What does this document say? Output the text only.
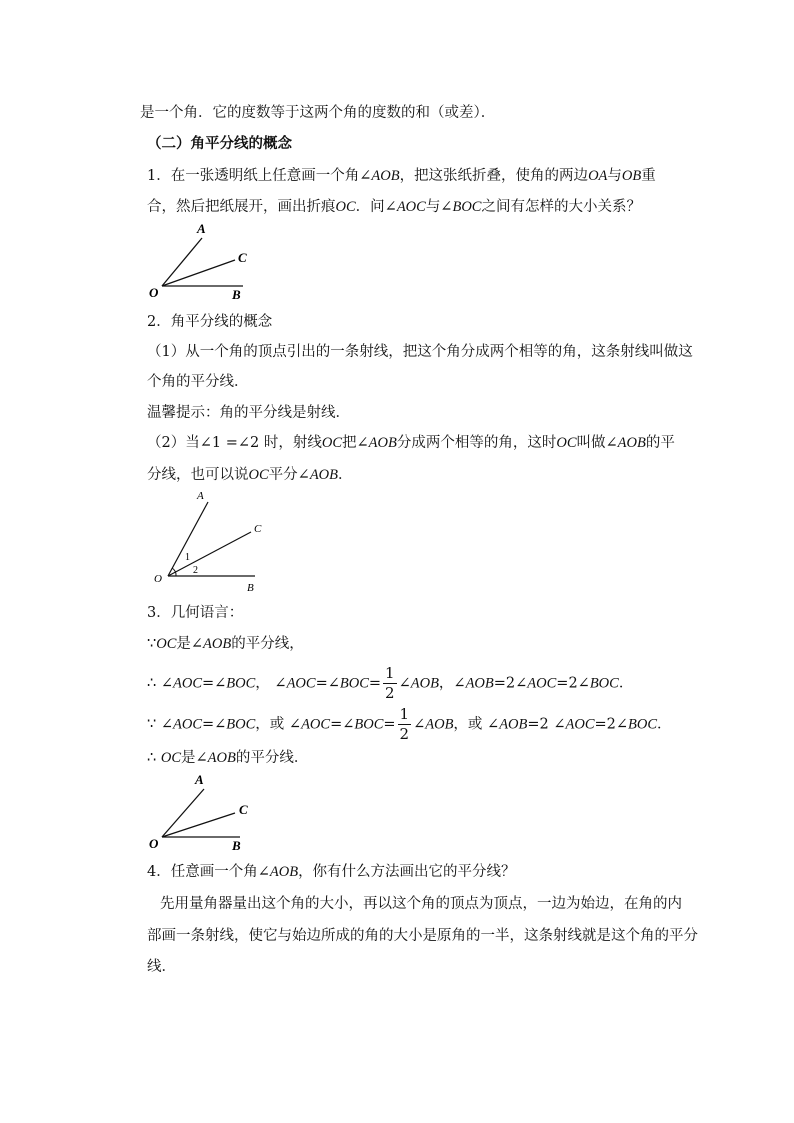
是一个角．它的度数等于这两个角的度数的和（或差）．
（二）角平分线的概念
1．在一张透明纸上任意画一个角∠AOB，把这张纸折叠，使角的两边OA与OB重
合，然后把纸展开，画出折痕OC．问∠AOC与∠BOC之间有怎样的大小关系？
A
C
O	B
2．角平分线的概念
（1）从一个角的顶点引出的一条射线，把这个角分成两个相等的角，这条射线叫做这
个角的平分线．
温馨提示：角的平分线是射线．
（2）当∠1 =∠2 时，射线OC把∠AOB分成两个相等的角，这时OC叫做∠AOB的平
分线，也可以说OC平分∠AOB．
A
C
O
B
1
2
3．几何语言：
∵OC是∠AOB的平分线，
∴ ∠AOC=∠BOC， ∠AOC=∠BOC= $\frac{1}{2}$ ∠AOB，∠AOB=2∠AOC=2∠BOC．
∵ ∠AOC=∠BOC，或 ∠AOC=∠BOC= $\frac{1}{2}$ ∠AOB，或 ∠AOB=2 ∠AOC=2∠BOC．
∴ OC是∠AOB的平分线．
A
C
O	B
4．任意画一个角∠AOB，你有什么方法画出它的平分线？
先用量角器量出这个角的大小，再以这个角的顶点为顶点，一边为始边，在角的内
部画一条射线，使它与始边所成的角的大小是原角的一半，这条射线就是这个角的平分
线．
